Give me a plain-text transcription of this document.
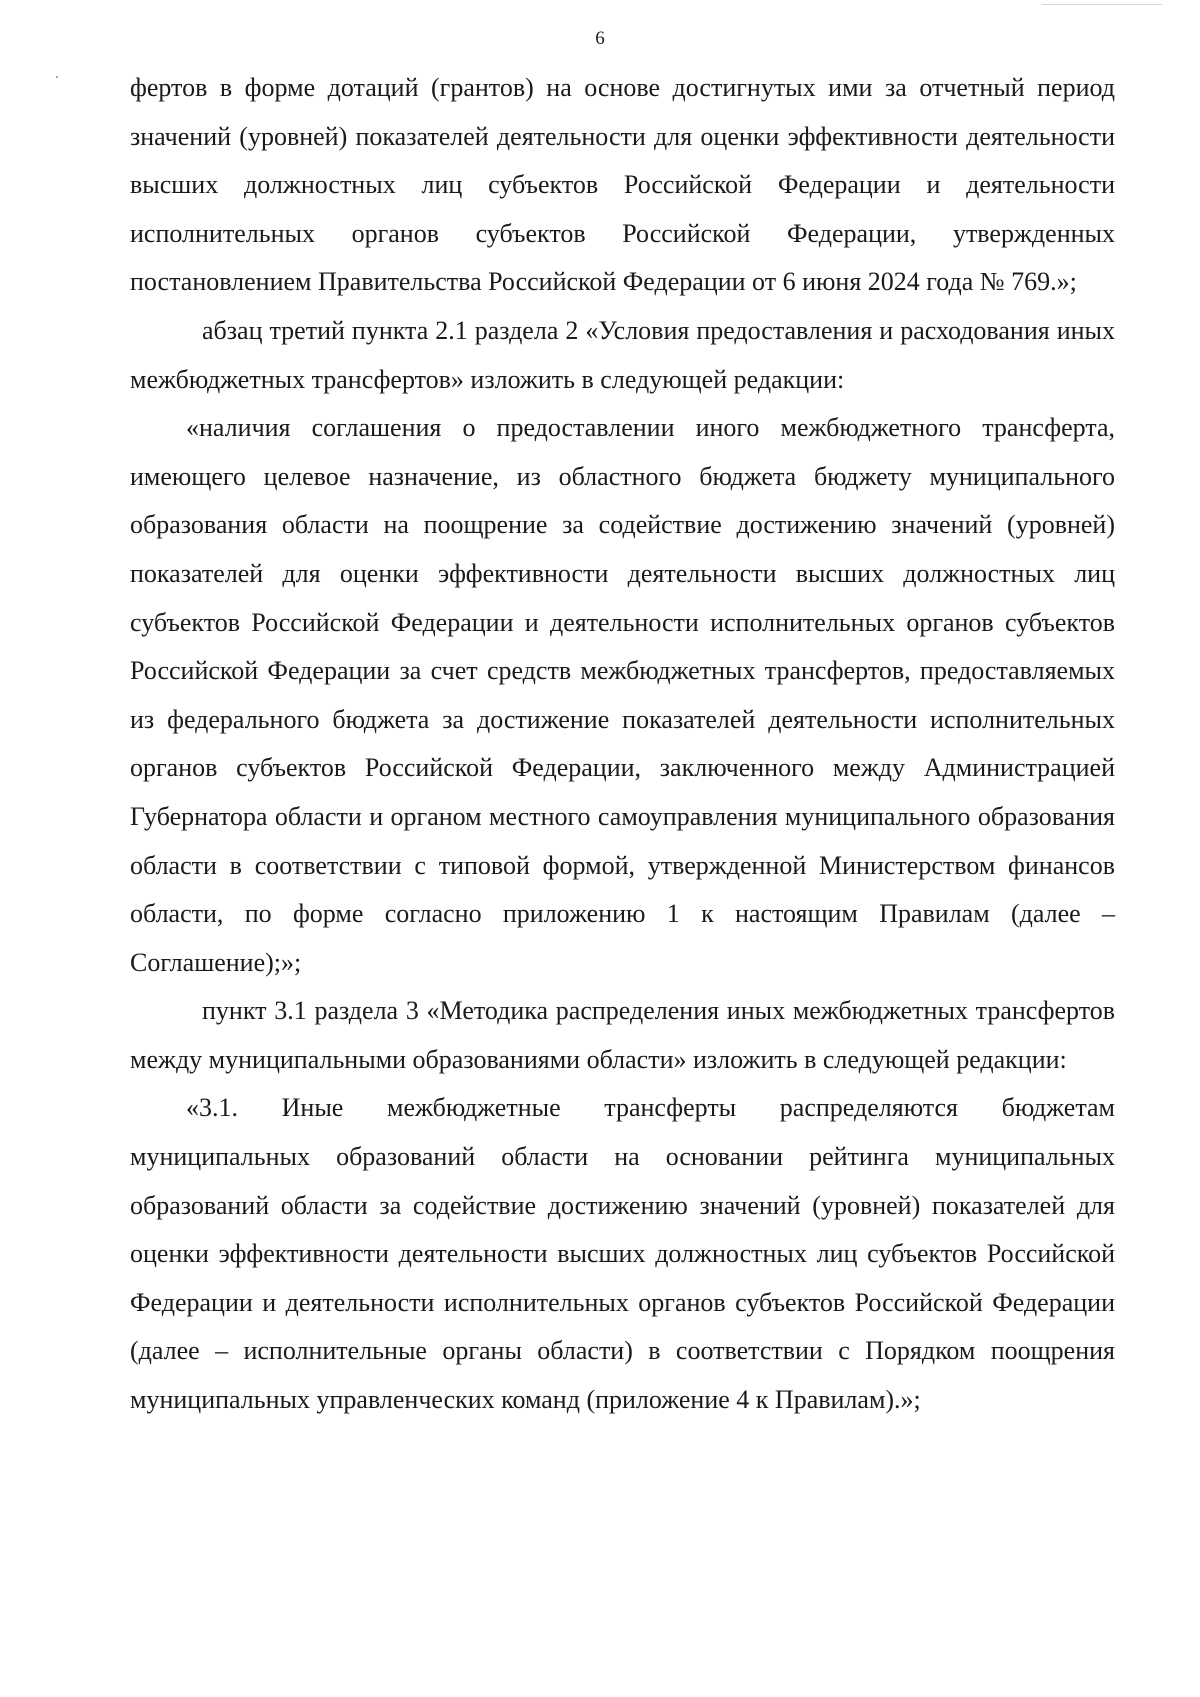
6

фертов в форме дотаций (грантов) на основе достигнутых ими за отчетный период значений (уровней) показателей деятельности для оценки эффективности деятельности высших должностных лиц субъектов Российской Федерации и деятельности исполнительных органов субъектов Российской Федерации, утвержденных постановлением Правительства Российской Федерации от 6 июня 2024 года № 769.»;

абзац третий пункта 2.1 раздела 2 «Условия предоставления и расходования иных межбюджетных трансфертов» изложить в следующей редакции:

«наличия соглашения о предоставлении иного межбюджетного трансферта, имеющего целевое назначение, из областного бюджета бюджету муниципального образования области на поощрение за содействие достижению значений (уровней) показателей для оценки эффективности деятельности высших должностных лиц субъектов Российской Федерации и деятельности исполнительных органов субъектов Российской Федерации за счет средств межбюджетных трансфертов, предоставляемых из федерального бюджета за достижение показателей деятельности исполнительных органов субъектов Российской Федерации, заключенного между Администрацией Губернатора области и органом местного самоуправления муниципального образования области в соответствии с типовой формой, утвержденной Министерством финансов области, по форме согласно приложению 1 к настоящим Правилам (далее – Соглашение);»;

пункт 3.1 раздела 3 «Методика распределения иных межбюджетных трансфертов между муниципальными образованиями области» изложить в следующей редакции:

«3.1. Иные межбюджетные трансферты распределяются бюджетам муниципальных образований области на основании рейтинга муниципальных образований области за содействие достижению значений (уровней) показателей для оценки эффективности деятельности высших должностных лиц субъектов Российской Федерации и деятельности исполнительных органов субъектов Российской Федерации (далее – исполнительные органы области) в соответствии с Порядком поощрения муниципальных управленческих команд (приложение 4 к Правилам).»;
